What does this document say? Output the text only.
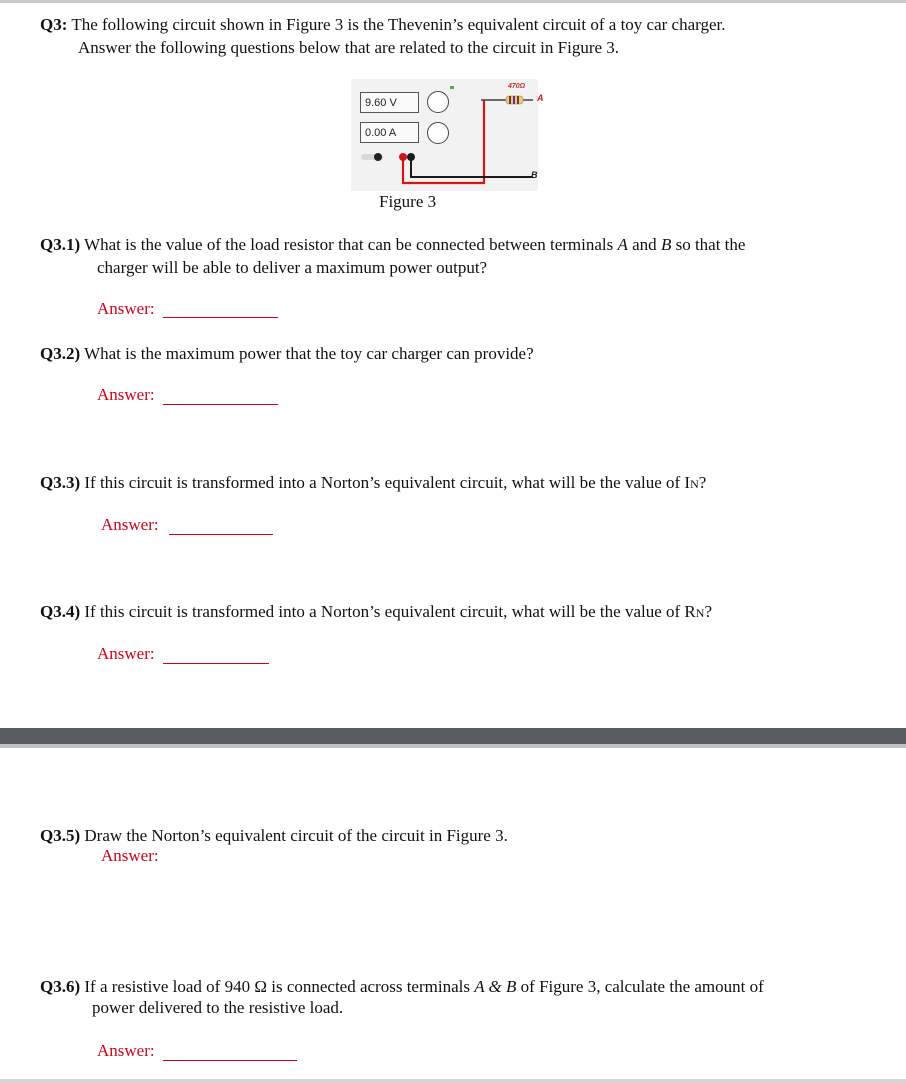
Q3: The following circuit shown in Figure 3 is the Thevenin’s equivalent circuit of a toy car charger.
Answer the following questions below that are related to the circuit in Figure 3.
9.60 V
0.00 A
470Ω
A
B
Figure 3
Q3.1) What is the value of the load resistor that can be connected between terminals A and B so that the
charger will be able to deliver a maximum power output?
Answer:
Q3.2) What is the maximum power that the toy car charger can provide?
Answer:
Q3.3) If this circuit is transformed into a Norton’s equivalent circuit, what will be the value of IN?
Answer:
Q3.4) If this circuit is transformed into a Norton’s equivalent circuit, what will be the value of RN?
Answer:
Q3.5) Draw the Norton’s equivalent circuit of the circuit in Figure 3.
Answer:
Q3.6) If a resistive load of 940 Ω is connected across terminals A & B of Figure 3, calculate the amount of
power delivered to the resistive load.
Answer:
